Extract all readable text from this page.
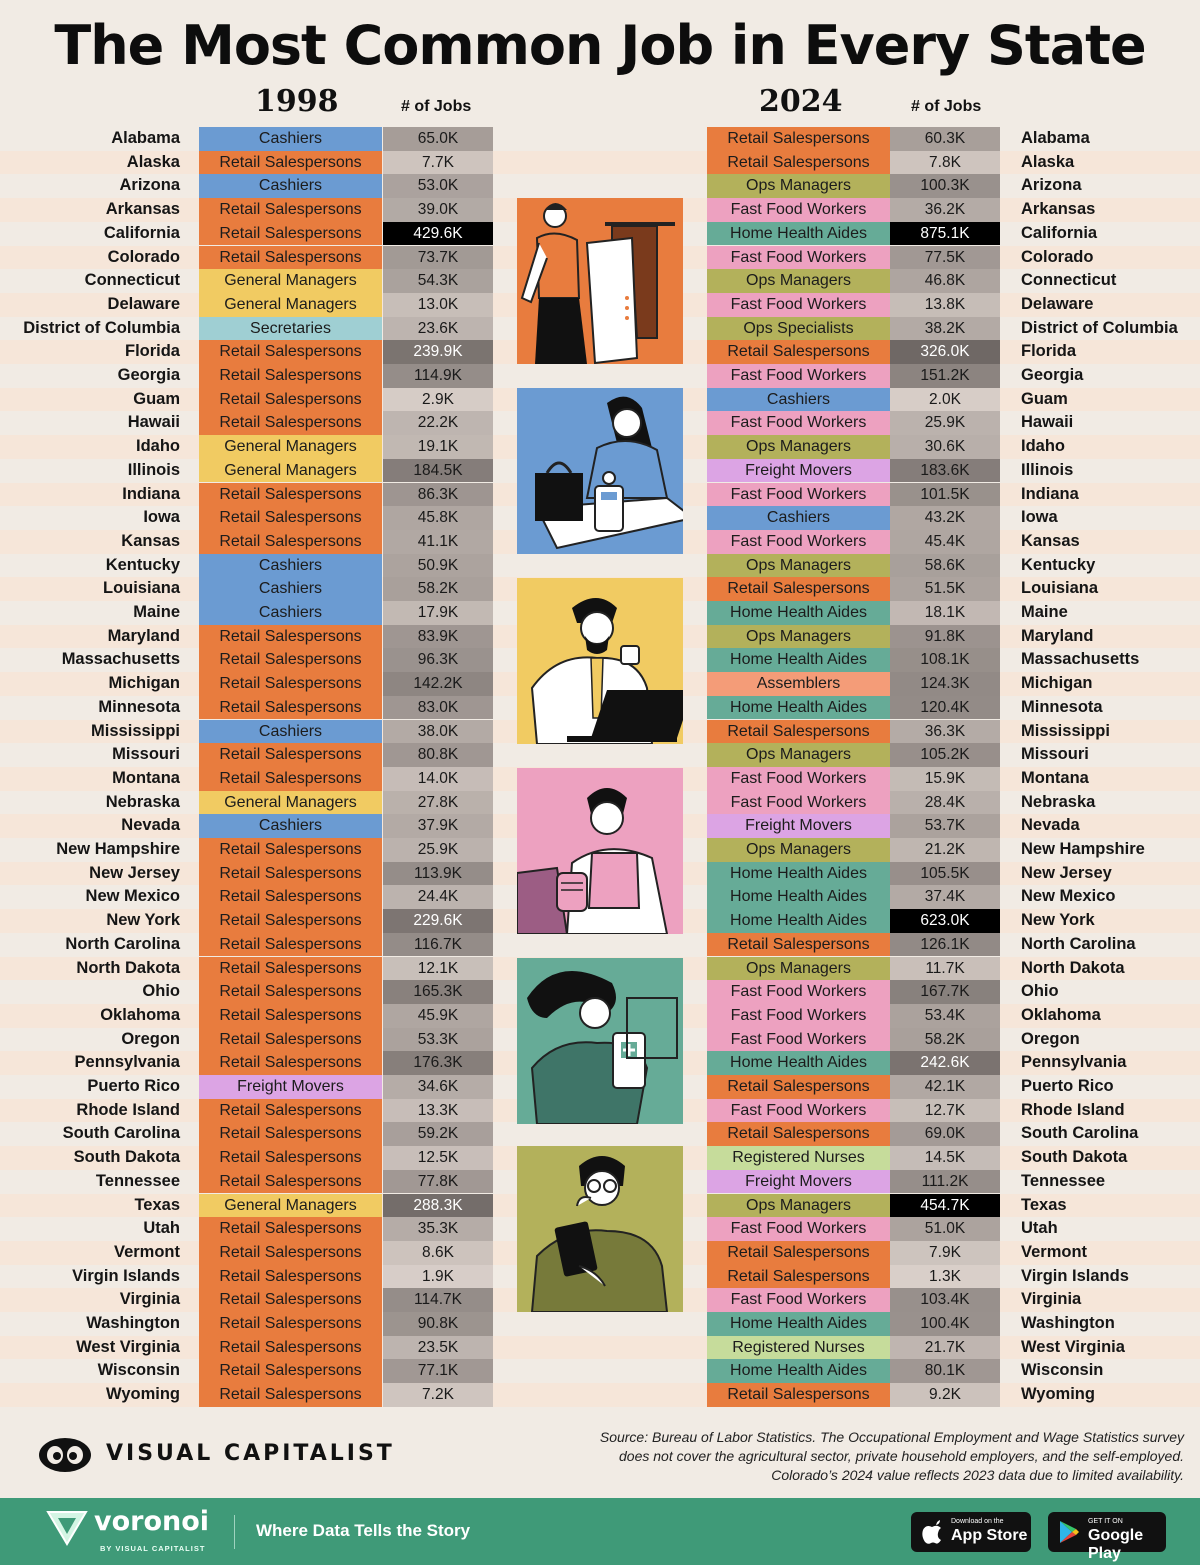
The Most Common Job in Every State
1998	# of Jobs	2024	# of Jobs
Alabama	Cashiers	65.0K	Retail Salespersons	60.3K	Alabama
Alaska	Retail Salespersons	7.7K	Retail Salespersons	7.8K	Alaska
Arizona	Cashiers	53.0K	Ops Managers	100.3K	Arizona
Arkansas	Retail Salespersons	39.0K	Fast Food Workers	36.2K	Arkansas
California	Retail Salespersons	429.6K	Home Health Aides	875.1K	California
Colorado	Retail Salespersons	73.7K	Fast Food Workers	77.5K	Colorado
Connecticut	General Managers	54.3K	Ops Managers	46.8K	Connecticut
Delaware	General Managers	13.0K	Fast Food Workers	13.8K	Delaware
District of Columbia	Secretaries	23.6K	Ops Specialists	38.2K	District of Columbia
Florida	Retail Salespersons	239.9K	Retail Salespersons	326.0K	Florida
Georgia	Retail Salespersons	114.9K	Fast Food Workers	151.2K	Georgia
Guam	Retail Salespersons	2.9K	Cashiers	2.0K	Guam
Hawaii	Retail Salespersons	22.2K	Fast Food Workers	25.9K	Hawaii
Idaho	General Managers	19.1K	Ops Managers	30.6K	Idaho
Illinois	General Managers	184.5K	Freight Movers	183.6K	Illinois
Indiana	Retail Salespersons	86.3K	Fast Food Workers	101.5K	Indiana
Iowa	Retail Salespersons	45.8K	Cashiers	43.2K	Iowa
Kansas	Retail Salespersons	41.1K	Fast Food Workers	45.4K	Kansas
Kentucky	Cashiers	50.9K	Ops Managers	58.6K	Kentucky
Louisiana	Cashiers	58.2K	Retail Salespersons	51.5K	Louisiana
Maine	Cashiers	17.9K	Home Health Aides	18.1K	Maine
Maryland	Retail Salespersons	83.9K	Ops Managers	91.8K	Maryland
Massachusetts	Retail Salespersons	96.3K	Home Health Aides	108.1K	Massachusetts
Michigan	Retail Salespersons	142.2K	Assemblers	124.3K	Michigan
Minnesota	Retail Salespersons	83.0K	Home Health Aides	120.4K	Minnesota
Mississippi	Cashiers	38.0K	Retail Salespersons	36.3K	Mississippi
Missouri	Retail Salespersons	80.8K	Ops Managers	105.2K	Missouri
Montana	Retail Salespersons	14.0K	Fast Food Workers	15.9K	Montana
Nebraska	General Managers	27.8K	Fast Food Workers	28.4K	Nebraska
Nevada	Cashiers	37.9K	Freight Movers	53.7K	Nevada
New Hampshire	Retail Salespersons	25.9K	Ops Managers	21.2K	New Hampshire
New Jersey	Retail Salespersons	113.9K	Home Health Aides	105.5K	New Jersey
New Mexico	Retail Salespersons	24.4K	Home Health Aides	37.4K	New Mexico
New York	Retail Salespersons	229.6K	Home Health Aides	623.0K	New York
North Carolina	Retail Salespersons	116.7K	Retail Salespersons	126.1K	North Carolina
North Dakota	Retail Salespersons	12.1K	Ops Managers	11.7K	North Dakota
Ohio	Retail Salespersons	165.3K	Fast Food Workers	167.7K	Ohio
Oklahoma	Retail Salespersons	45.9K	Fast Food Workers	53.4K	Oklahoma
Oregon	Retail Salespersons	53.3K	Fast Food Workers	58.2K	Oregon
Pennsylvania	Retail Salespersons	176.3K	Home Health Aides	242.6K	Pennsylvania
Puerto Rico	Freight Movers	34.6K	Retail Salespersons	42.1K	Puerto Rico
Rhode Island	Retail Salespersons	13.3K	Fast Food Workers	12.7K	Rhode Island
South Carolina	Retail Salespersons	59.2K	Retail Salespersons	69.0K	South Carolina
South Dakota	Retail Salespersons	12.5K	Registered Nurses	14.5K	South Dakota
Tennessee	Retail Salespersons	77.8K	Freight Movers	111.2K	Tennessee
Texas	General Managers	288.3K	Ops Managers	454.7K	Texas
Utah	Retail Salespersons	35.3K	Fast Food Workers	51.0K	Utah
Vermont	Retail Salespersons	8.6K	Retail Salespersons	7.9K	Vermont
Virgin Islands	Retail Salespersons	1.9K	Retail Salespersons	1.3K	Virgin Islands
Virginia	Retail Salespersons	114.7K	Fast Food Workers	103.4K	Virginia
Washington	Retail Salespersons	90.8K	Home Health Aides	100.4K	Washington
West Virginia	Retail Salespersons	23.5K	Registered Nurses	21.7K	West Virginia
Wisconsin	Retail Salespersons	77.1K	Home Health Aides	80.1K	Wisconsin
Wyoming	Retail Salespersons	7.2K	Retail Salespersons	9.2K	Wyoming
Source: Bureau of Labor Statistics. The Occupational Employment and Wage Statistics survey
does not cover the agricultural sector, private household employers, and the self-employed.
Colorado’s 2024 value reflects 2023 data due to limited availability.
VISUAL CAPITALIST
voronoi
BY VISUAL CAPITALIST
Where Data Tells the Story	Download on the
App Store
GET IT ON
Google Play
